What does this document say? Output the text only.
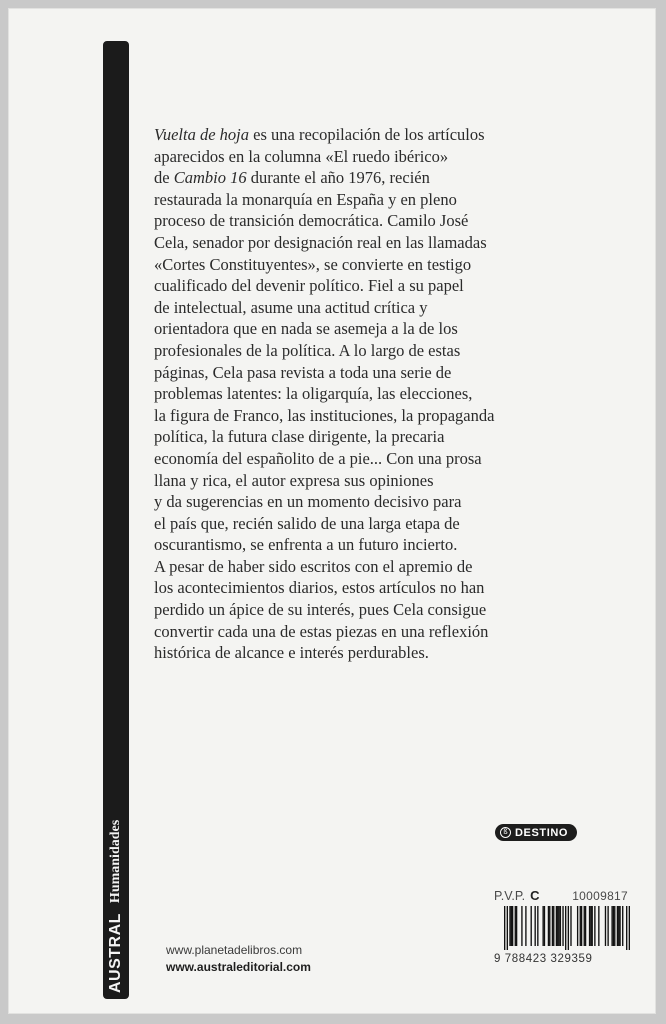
AUSTRAL
Humanidades
Vuelta de hoja es una recopilación de los artículos
aparecidos en la columna «El ruedo ibérico»
de Cambio 16 durante el año 1976, recién
restaurada la monarquía en España y en pleno
proceso de transición democrática. Camilo José
Cela, senador por designación real en las llamadas
«Cortes Constituyentes», se convierte en testigo
cualificado del devenir político. Fiel a su papel
de intelectual, asume una actitud crítica y
orientadora que en nada se asemeja a la de los
profesionales de la política. A lo largo de estas
páginas, Cela pasa revista a toda una serie de
problemas latentes: la oligarquía, las elecciones,
la figura de Franco, las instituciones, la propaganda
política, la futura clase dirigente, la precaria
economía del españolito de a pie... Con una prosa
llana y rica, el autor expresa sus opiniones
y da sugerencias en un momento decisivo para
el país que, recién salido de una larga etapa de
oscurantismo, se enfrenta a un futuro incierto.
A pesar de haber sido escritos con el apremio de
los acontecimientos diarios, estos artículos no han
perdido un ápice de su interés, pues Cela consigue
convertir cada una de estas piezas en una reflexión
histórica de alcance e interés perdurables.
ß DESTINO
P.V.P. C	10009817
9 788423 329359
www.planetadelibros.com
www.australeditorial.com
